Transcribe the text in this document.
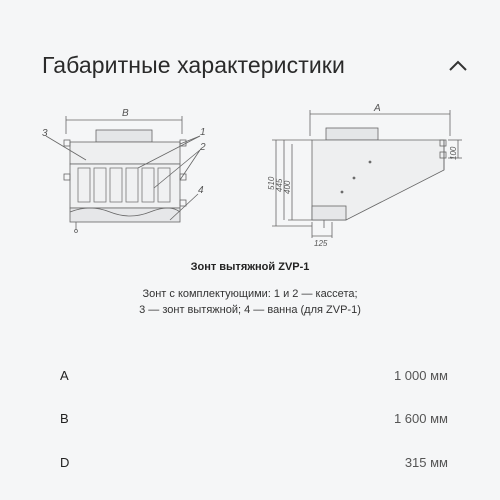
Габаритные характеристики
B
3	1
2
4
A
510 445 400
100
125
Зонт вытяжной ZVP-1
Зонт с комплектующими: 1 и 2 — кассета;
3 — зонт вытяжной; 4 — ванна (для ZVP-1)
A	1 000 мм
B	1 600 мм
D	315 мм
